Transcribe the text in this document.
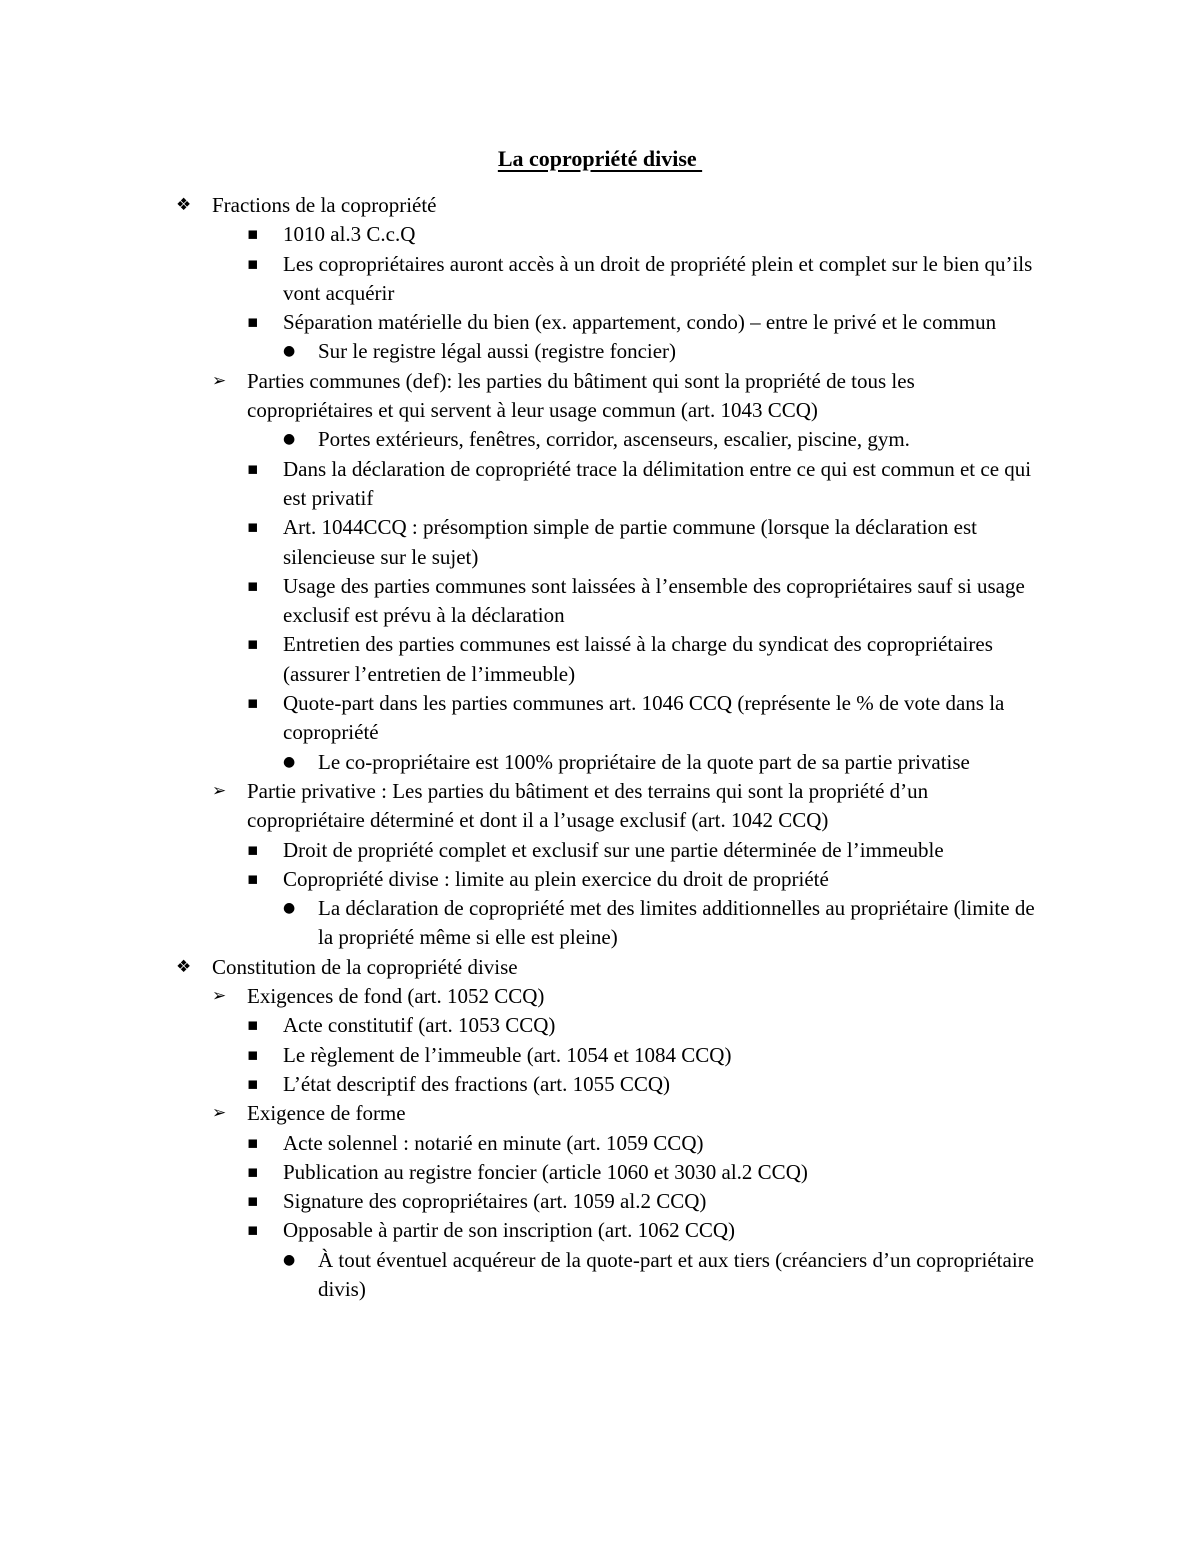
La copropriété divise
❖ Fractions de la copropriété
▪	1010 al.3 C.c.Q
▪	Les copropriétaires auront accès à un droit de propriété plein et complet sur le bien qu’ils vont acquérir
▪	Séparation matérielle du bien (ex. appartement, condo) – entre le privé et le commun
●	Sur le registre légal aussi (registre foncier)
➢ Parties communes (def): les parties du bâtiment qui sont la propriété de tous les copropriétaires et qui servent à leur usage commun (art. 1043 CCQ)
●	Portes extérieurs, fenêtres, corridor, ascenseurs, escalier, piscine, gym.
▪	Dans la déclaration de copropriété trace la délimitation entre ce qui est commun et ce qui est privatif
▪	Art. 1044CCQ : présomption simple de partie commune (lorsque la déclaration est silencieuse sur le sujet)
▪	Usage des parties communes sont laissées à l’ensemble des copropriétaires sauf si usage exclusif est prévu à la déclaration
▪	Entretien des parties communes est laissé à la charge du syndicat des copropriétaires (assurer l’entretien de l’immeuble)
▪	Quote-part dans les parties communes art. 1046 CCQ (représente le % de vote dans la copropriété
●	Le co-propriétaire est 100% propriétaire de la quote part de sa partie privatise
➢ Partie privative : Les parties du bâtiment et des terrains qui sont la propriété d’un copropriétaire déterminé et dont il a l’usage exclusif (art. 1042 CCQ)
▪	Droit de propriété complet et exclusif sur une partie déterminée de l’immeuble
▪	Copropriété divise : limite au plein exercice du droit de propriété
●	La déclaration de copropriété met des limites additionnelles au propriétaire (limite de la propriété même si elle est pleine)
❖ Constitution de la copropriété divise
➢ Exigences de fond (art. 1052 CCQ)
▪	Acte constitutif (art. 1053 CCQ)
▪	Le règlement de l’immeuble (art. 1054 et 1084 CCQ)
▪	L’état descriptif des fractions (art. 1055 CCQ)
➢ Exigence de forme
▪	Acte solennel : notarié en minute (art. 1059 CCQ)
▪	Publication au registre foncier (article 1060 et 3030 al.2 CCQ)
▪	Signature des copropriétaires (art. 1059 al.2 CCQ)
▪	Opposable à partir de son inscription (art. 1062 CCQ)
●	À tout éventuel acquéreur de la quote-part et aux tiers (créanciers d’un copropriétaire divis)
